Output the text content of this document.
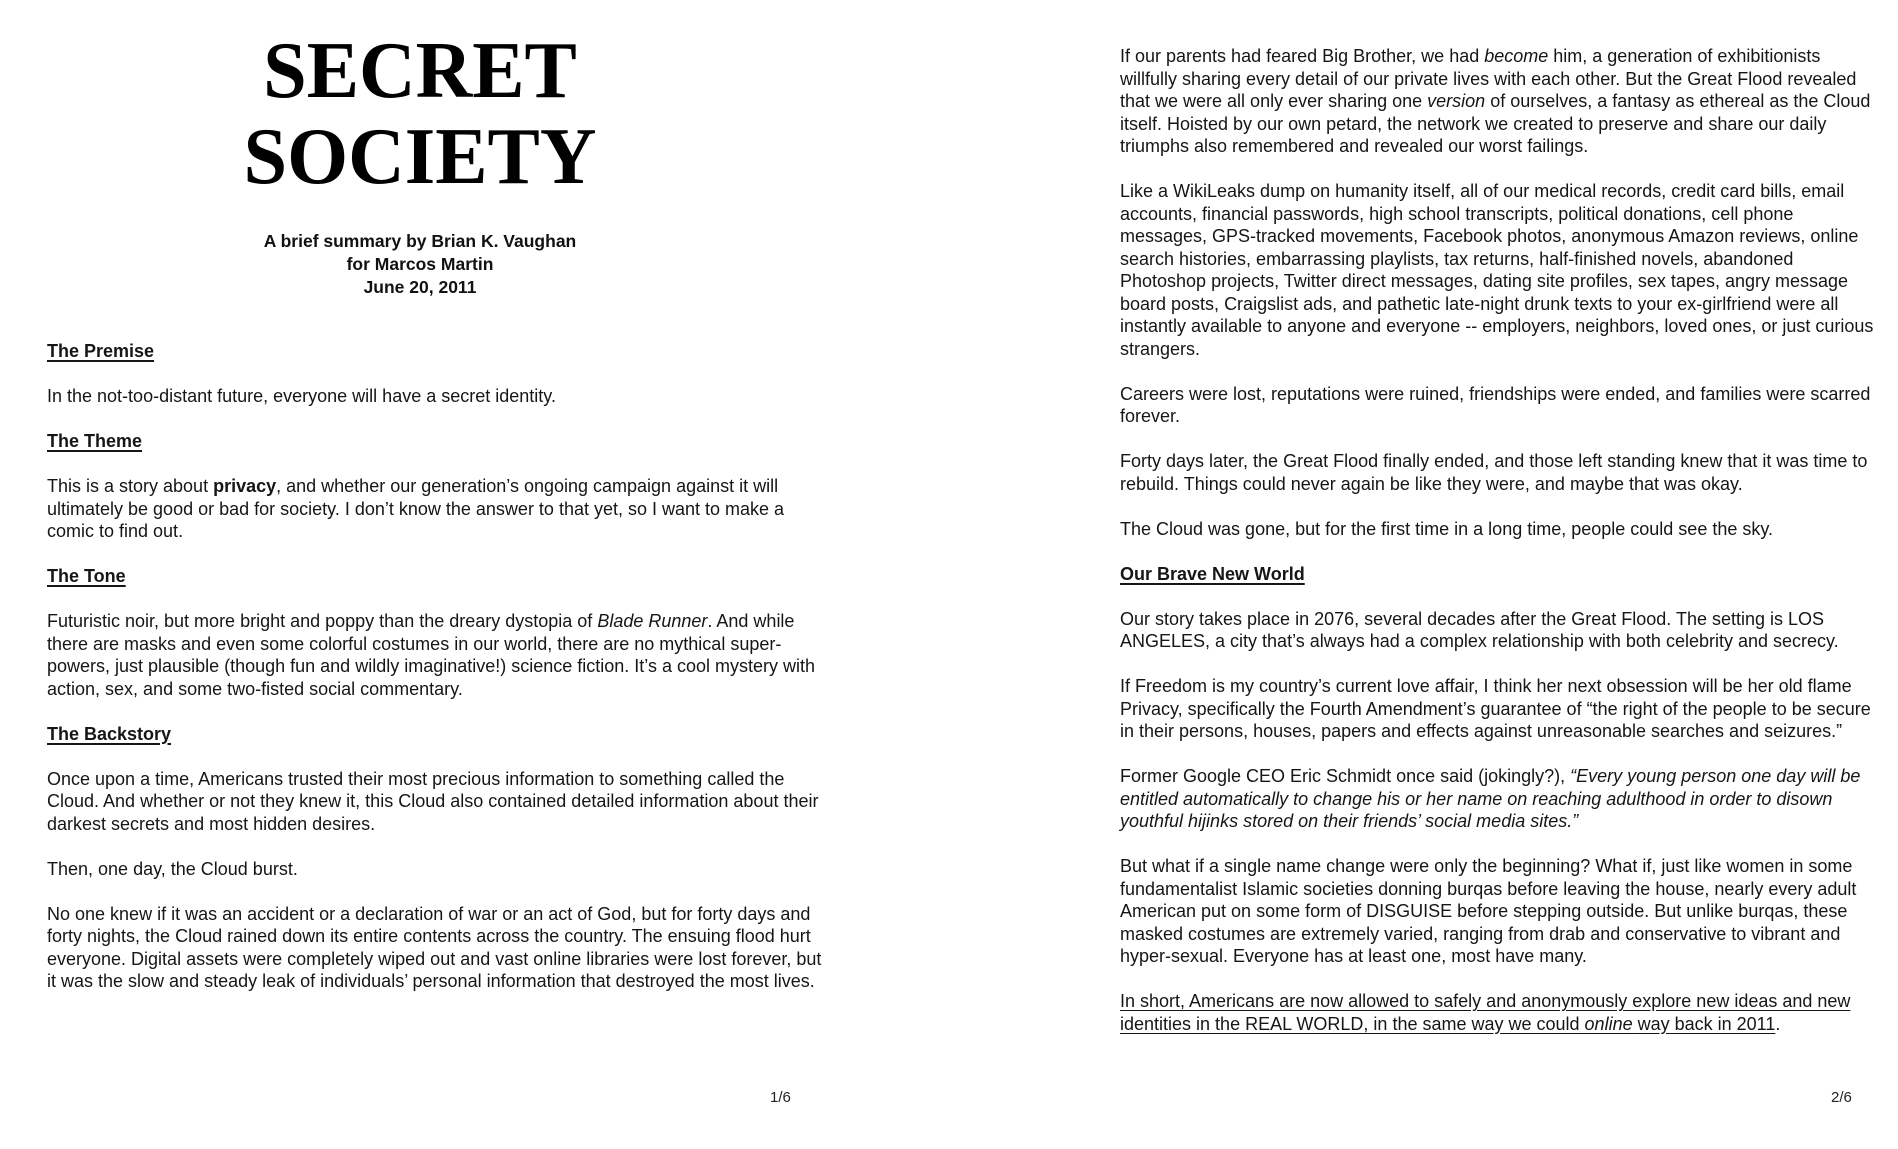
SECRET
SOCIETY
A brief summary by Brian K. Vaughan
for Marcos Martin
June 20, 2011

The Premise

In the not-too-distant future, everyone will have a secret identity.

The Theme

This is a story about privacy, and whether our generation’s ongoing campaign against it will ultimately be good or bad for society. I don’t know the answer to that yet, so I want to make a comic to find out.

The Tone

Futuristic noir, but more bright and poppy than the dreary dystopia of Blade Runner. And while there are masks and even some colorful costumes in our world, there are no mythical super-powers, just plausible (though fun and wildly imaginative!) science fiction. It’s a cool mystery with action, sex, and some two-fisted social commentary.

The Backstory

Once upon a time, Americans trusted their most precious information to something called the Cloud. And whether or not they knew it, this Cloud also contained detailed information about their darkest secrets and most hidden desires.

Then, one day, the Cloud burst.

No one knew if it was an accident or a declaration of war or an act of God, but for forty days and forty nights, the Cloud rained down its entire contents across the country. The ensuing flood hurt everyone. Digital assets were completely wiped out and vast online libraries were lost forever, but it was the slow and steady leak of individuals’ personal information that destroyed the most lives.

1/6

If our parents had feared Big Brother, we had become him, a generation of exhibitionists willfully sharing every detail of our private lives with each other. But the Great Flood revealed that we were all only ever sharing one version of ourselves, a fantasy as ethereal as the Cloud itself. Hoisted by our own petard, the network we created to preserve and share our daily triumphs also remembered and revealed our worst failings.

Like a WikiLeaks dump on humanity itself, all of our medical records, credit card bills, email accounts, financial passwords, high school transcripts, political donations, cell phone messages, GPS-tracked movements, Facebook photos, anonymous Amazon reviews, online search histories, embarrassing playlists, tax returns, half-finished novels, abandoned Photoshop projects, Twitter direct messages, dating site profiles, sex tapes, angry message board posts, Craigslist ads, and pathetic late-night drunk texts to your ex-girlfriend were all instantly available to anyone and everyone -- employers, neighbors, loved ones, or just curious strangers.

Careers were lost, reputations were ruined, friendships were ended, and families were scarred forever.

Forty days later, the Great Flood finally ended, and those left standing knew that it was time to rebuild. Things could never again be like they were, and maybe that was okay.

The Cloud was gone, but for the first time in a long time, people could see the sky.

Our Brave New World

Our story takes place in 2076, several decades after the Great Flood. The setting is LOS ANGELES, a city that’s always had a complex relationship with both celebrity and secrecy.

If Freedom is my country’s current love affair, I think her next obsession will be her old flame Privacy, specifically the Fourth Amendment’s guarantee of “the right of the people to be secure in their persons, houses, papers and effects against unreasonable searches and seizures.”

Former Google CEO Eric Schmidt once said (jokingly?), “Every young person one day will be entitled automatically to change his or her name on reaching adulthood in order to disown youthful hijinks stored on their friends’ social media sites.”

But what if a single name change were only the beginning? What if, just like women in some fundamentalist Islamic societies donning burqas before leaving the house, nearly every adult American put on some form of DISGUISE before stepping outside. But unlike burqas, these masked costumes are extremely varied, ranging from drab and conservative to vibrant and hyper-sexual. Everyone has at least one, most have many.

In short, Americans are now allowed to safely and anonymously explore new ideas and new identities in the REAL WORLD, in the same way we could online way back in 2011.

2/6
